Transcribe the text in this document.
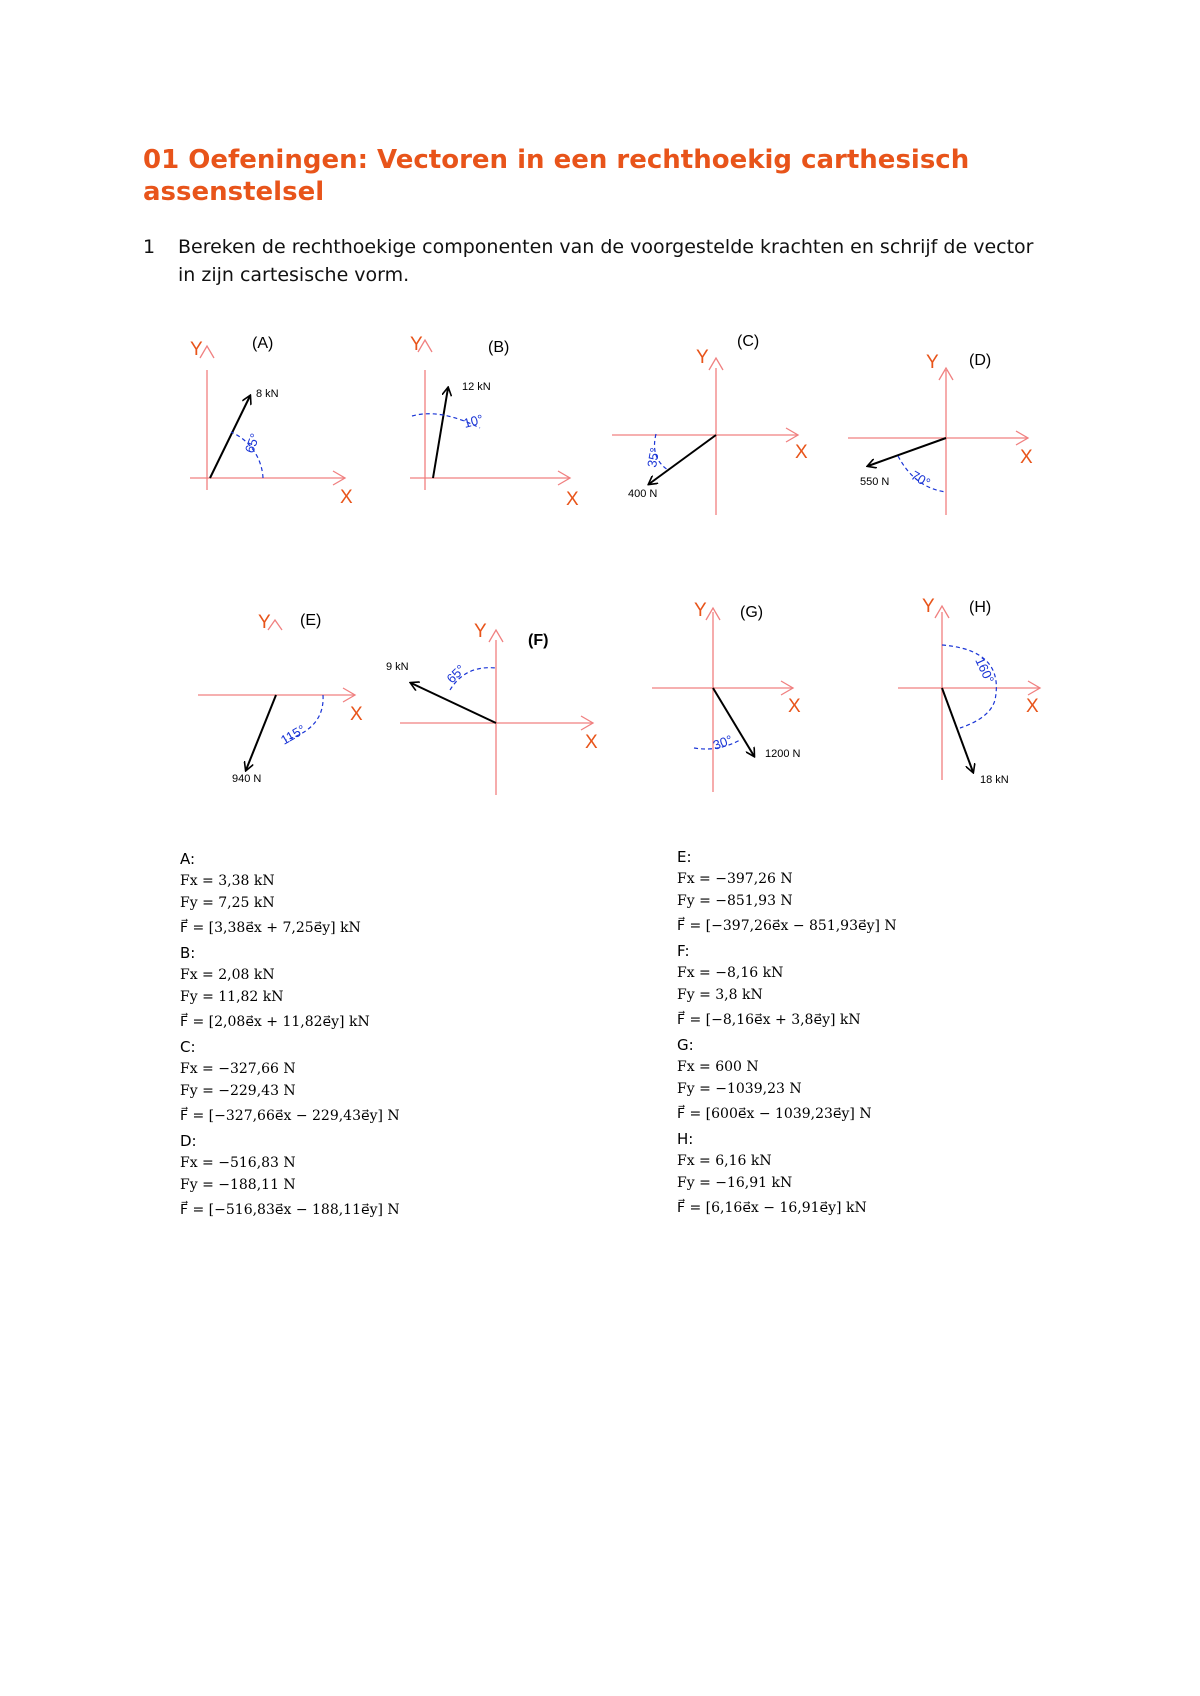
01 Oefeningen: Vectoren in een rechthoekig carthesisch assenstelsel
1 Bereken de rechthoekige componenten van de voorgestelde krachten en schrijf de vector in zijn cartesische vorm.
Y
X
(A)
8 kN
65°
Y
X
(B)
12 kN
10°
Y
X
(C)
400 N
35°
Y
X
(D)
550 N 70°
Y
X
(E)
940 N
115°
Y
X
(F)
9 kN	65°
Y
X
(G)
1200 N
30°
Y
X
(H)
18 kN
160°
A:
Fx = 3,38 kN
Fy = 7,25 kN
F⃗ = [3,38e⃗x + 7,25e⃗y] kN
B:
Fx = 2,08 kN
Fy = 11,82 kN
F⃗ = [2,08e⃗x + 11,82e⃗y] kN
C:
Fx = −327,66 N
Fy = −229,43 N
F⃗ = [−327,66e⃗x − 229,43e⃗y] N
D:
Fx = −516,83 N
Fy = −188,11 N
F⃗ = [−516,83e⃗x − 188,11e⃗y] N
E:
Fx = −397,26 N
Fy = −851,93 N
F⃗ = [−397,26e⃗x − 851,93e⃗y] N
F:
Fx = −8,16 kN
Fy = 3,8 kN
F⃗ = [−8,16e⃗x + 3,8e⃗y] kN
G:
Fx = 600 N
Fy = −1039,23 N
F⃗ = [600e⃗x − 1039,23e⃗y] N
H:
Fx = 6,16 kN
Fy = −16,91 kN
F⃗ = [6,16e⃗x − 16,91e⃗y] kN
